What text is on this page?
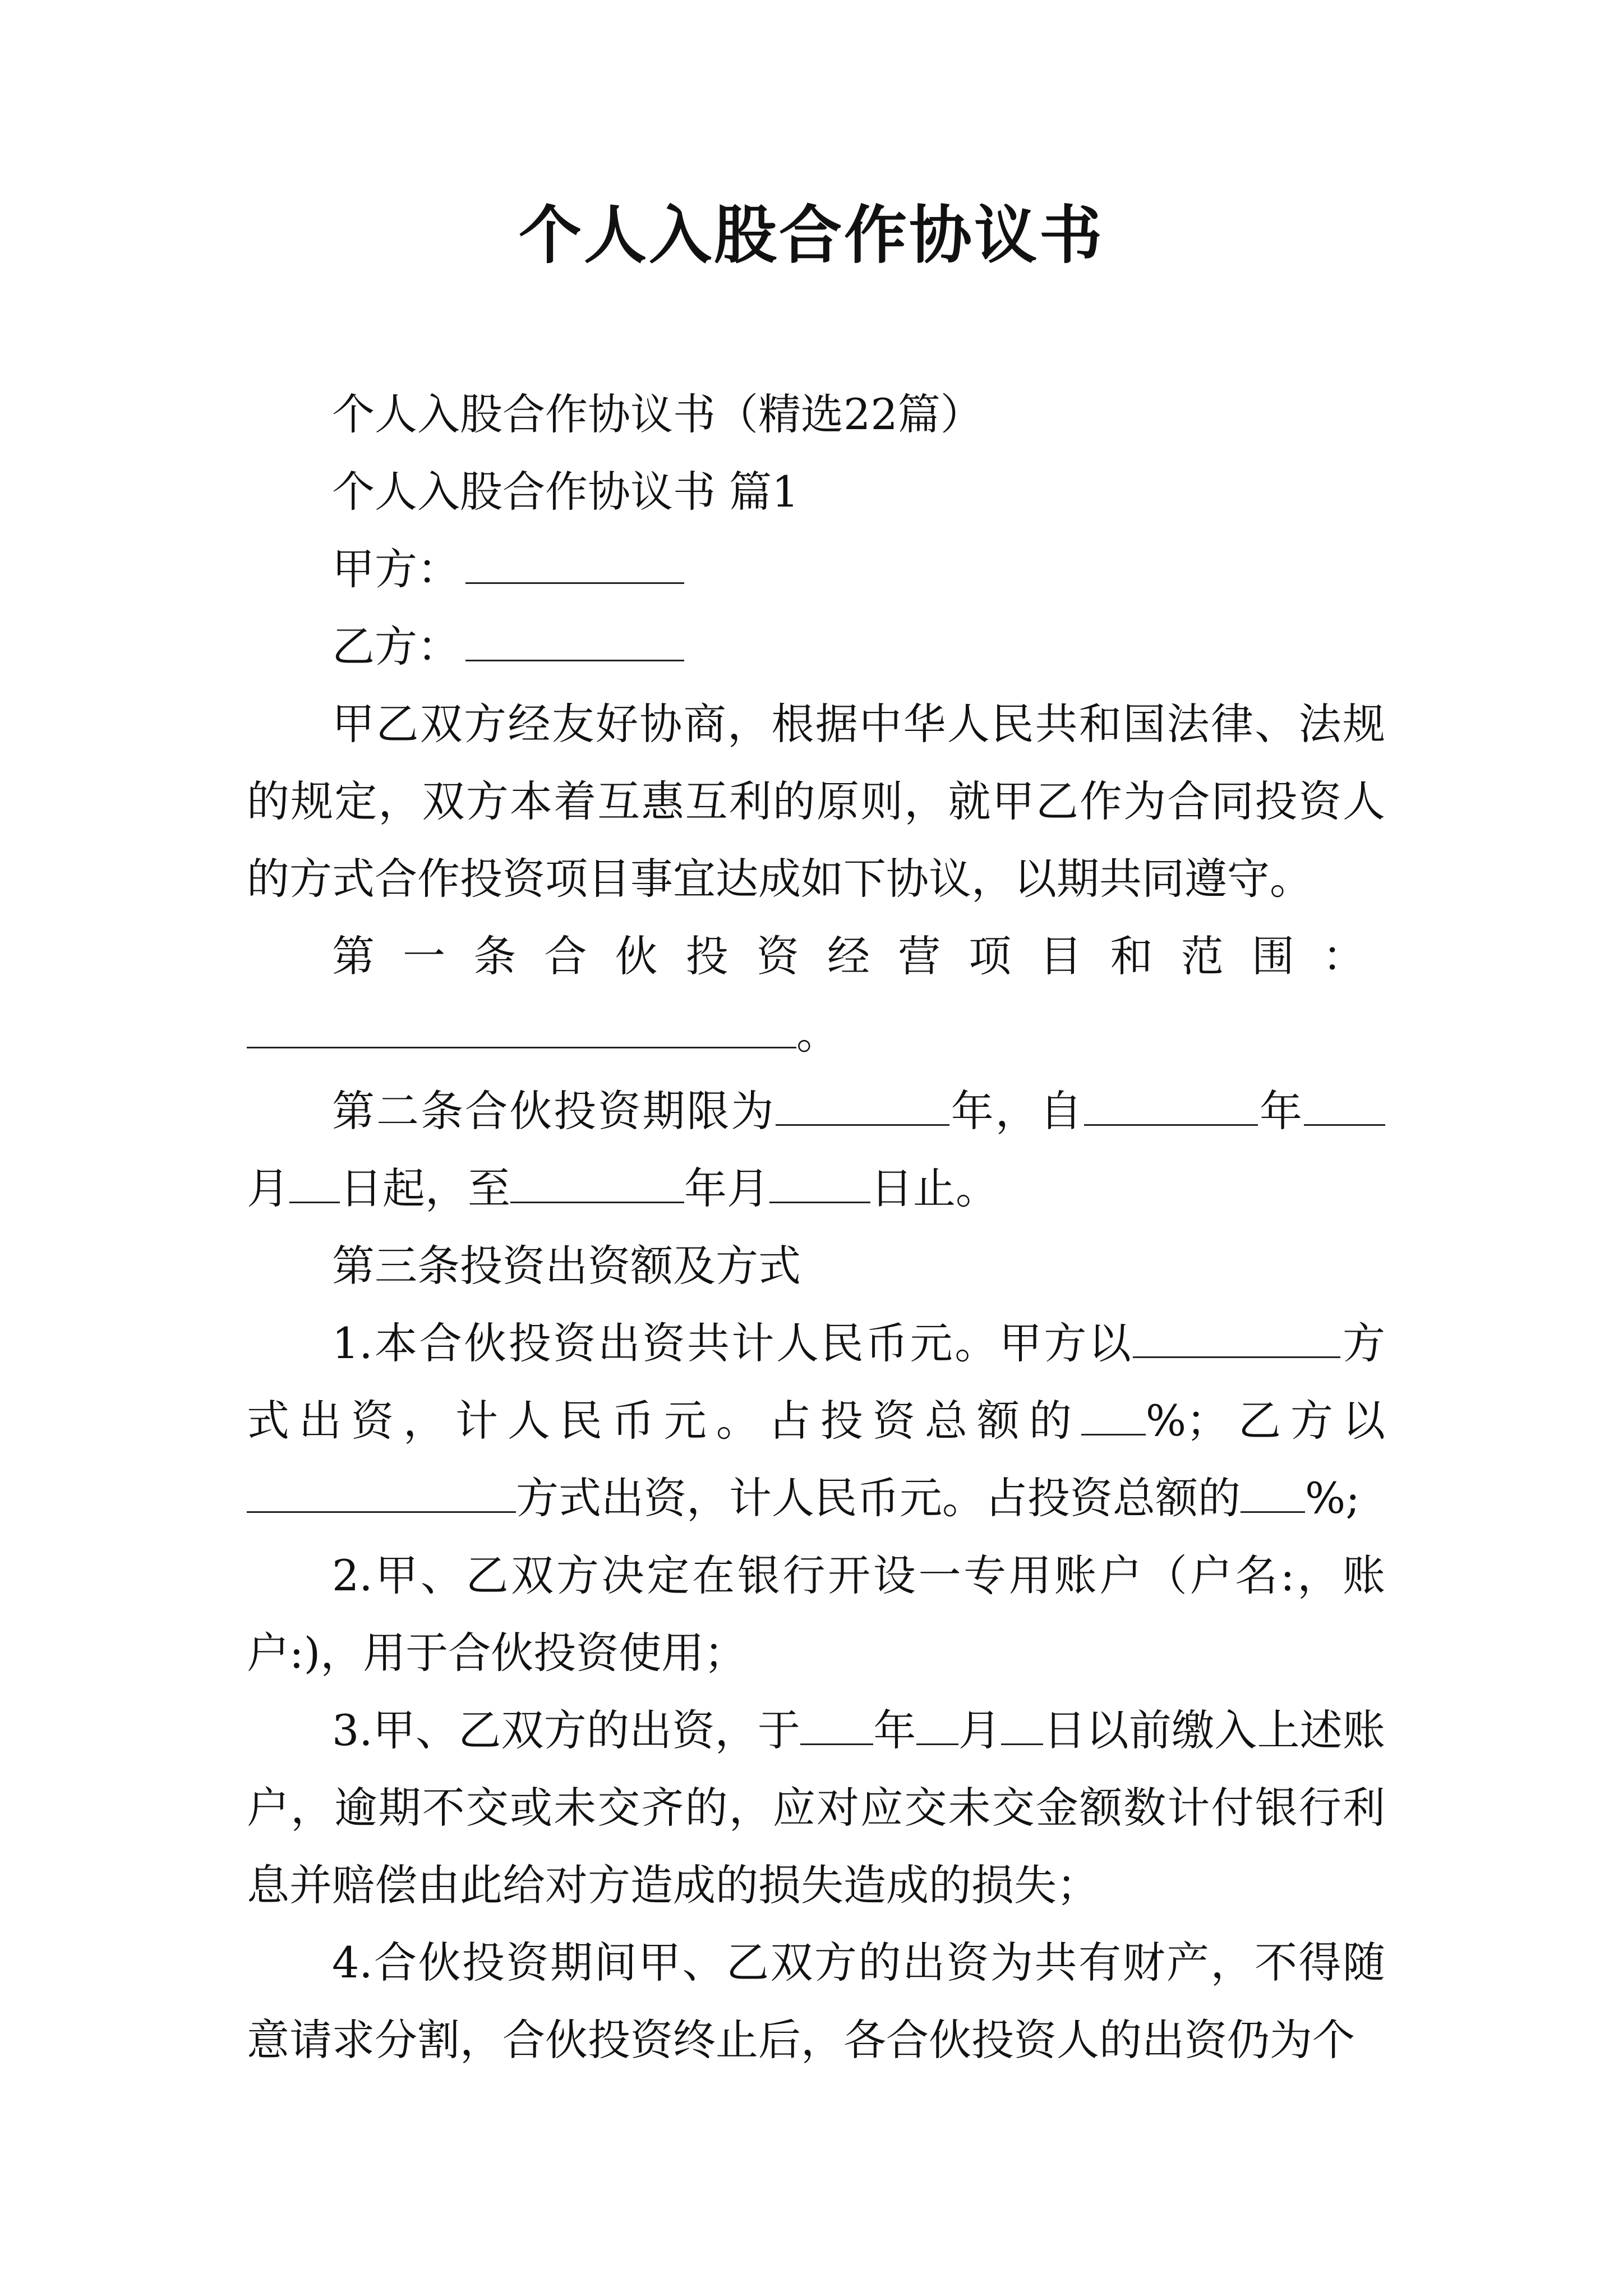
个人入股合作协议书

个人入股合作协议书（精选22篇）

个人入股合作协议书 篇1

甲方：

乙方：

甲乙双方经友好协商，根据中华人民共和国法律、法规的规定，双方本着互惠互利的原则，就甲乙作为合同投资人的方式合作投资项目事宜达成如下协议，以期共同遵守。

第一条合伙投资经营项目和范围：

。

第二条合伙投资期限为	年，自	年月 日起，至	年月 日止。

第三条投资出资额及方式

1.本合伙投资出资共计人民币元。甲方以	方式出资，计人民币元。占投资总额的 %；乙方以方式出资，计人民币元。占投资总额的 %;

2.甲、乙双方决定在银行开设一专用账户（户名:，账户:)，用于合伙投资使用；

3.甲、乙双方的出资，于 年 月 日以前缴入上述账户，逾期不交或未交齐的，应对应交未交金额数计付银行利息并赔偿由此给对方造成的损失造成的损失；

4.合伙投资期间甲、乙双方的出资为共有财产，不得随意请求分割，合伙投资终止后，各合伙投资人的出资仍为个
